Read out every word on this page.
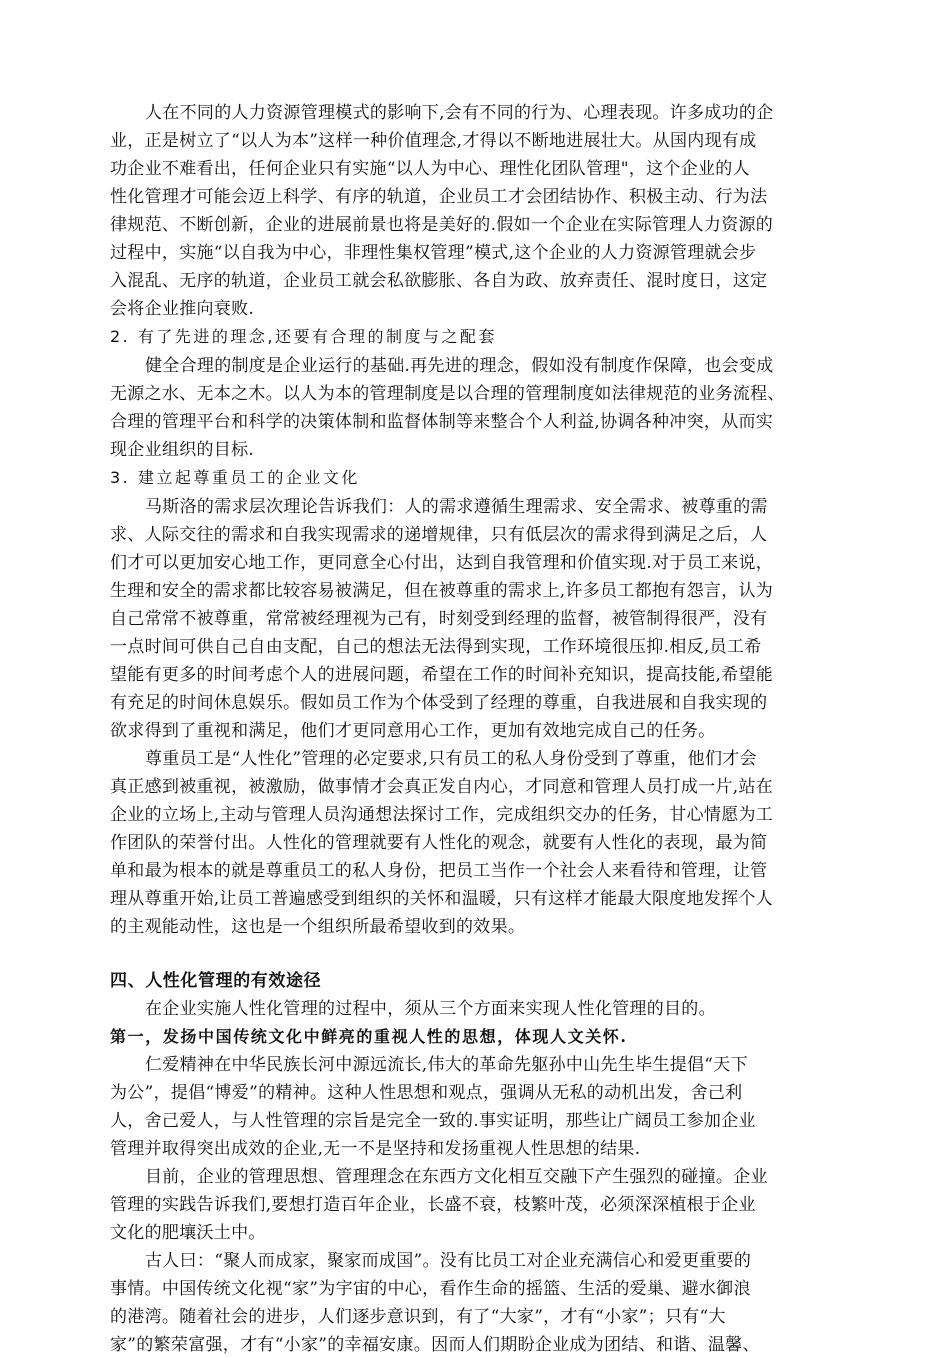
人在不同的人力资源管理模式的影响下,会有不同的行为、心理表现。许多成功的企
业，正是树立了“以人为本”这样一种价值理念,才得以不断地进展壮大。从国内现有成
功企业不难看出，任何企业只有实施“以人为中心、理性化团队管理"，这个企业的人
性化管理才可能会迈上科学、有序的轨道，企业员工才会团结协作、积极主动、行为法
律规范、不断创新，企业的进展前景也将是美好的.假如一个企业在实际管理人力资源的
过程中，实施“以自我为中心，非理性集权管理”模式,这个企业的人力资源管理就会步
入混乱、无序的轨道，企业员工就会私欲膨胀、各自为政、放弃责任、混时度日，这定
会将企业推向衰败.
2. 有了先进的理念,还要有合理的制度与之配套
健全合理的制度是企业运行的基础.再先进的理念，假如没有制度作保障，也会变成
无源之水、无本之木。以人为本的管理制度是以合理的管理制度如法律规范的业务流程、
合理的管理平台和科学的决策体制和监督体制等来整合个人利益,协调各种冲突，从而实
现企业组织的目标.
3. 建立起尊重员工的企业文化
马斯洛的需求层次理论告诉我们：人的需求遵循生理需求、安全需求、被尊重的需
求、人际交往的需求和自我实现需求的递增规律，只有低层次的需求得到满足之后，人
们才可以更加安心地工作，更同意全心付出，达到自我管理和价值实现.对于员工来说，
生理和安全的需求都比较容易被满足，但在被尊重的需求上,许多员工都抱有怨言，认为
自己常常不被尊重，常常被经理视为己有，时刻受到经理的监督，被管制得很严，没有
一点时间可供自己自由支配，自己的想法无法得到实现，工作环境很压抑.相反,员工希
望能有更多的时间考虑个人的进展问题，希望在工作的时间补充知识，提高技能,希望能
有充足的时间休息娱乐。假如员工作为个体受到了经理的尊重，自我进展和自我实现的
欲求得到了重视和满足，他们才更同意用心工作，更加有效地完成自己的任务。
尊重员工是“人性化”管理的必定要求,只有员工的私人身份受到了尊重，他们才会
真正感到被重视，被激励，做事情才会真正发自内心，才同意和管理人员打成一片,站在
企业的立场上,主动与管理人员沟通想法探讨工作，完成组织交办的任务，甘心情愿为工
作团队的荣誉付出。人性化的管理就要有人性化的观念，就要有人性化的表现，最为简
单和最为根本的就是尊重员工的私人身份，把员工当作一个社会人来看待和管理，让管
理从尊重开始,让员工普遍感受到组织的关怀和温暖，只有这样才能最大限度地发挥个人
的主观能动性，这也是一个组织所最希望收到的效果。
四、人性化管理的有效途径
在企业实施人性化管理的过程中，须从三个方面来实现人性化管理的目的。
第一，发扬中国传统文化中鲜亮的重视人性的思想，体现人文关怀.
仁爱精神在中华民族长河中源远流长,伟大的革命先躯孙中山先生毕生提倡“天下
为公”，提倡“博爱”的精神。这种人性思想和观点，强调从无私的动机出发，舍己利
人，舍己爱人，与人性管理的宗旨是完全一致的.事实证明，那些让广阔员工参加企业
管理并取得突出成效的企业,无一不是坚持和发扬重视人性思想的结果.
目前，企业的管理思想、管理理念在东西方文化相互交融下产生强烈的碰撞。企业
管理的实践告诉我们,要想打造百年企业，长盛不衰，枝繁叶茂，必须深深植根于企业
文化的肥壤沃土中。
古人曰：“聚人而成家，聚家而成国”。没有比员工对企业充满信心和爱更重要的
事情。中国传统文化视“家”为宇宙的中心，看作生命的摇篮、生活的爱巢、避水御浪
的港湾。随着社会的进步，人们逐步意识到，有了“大家”，才有“小家”；只有“大
家”的繁荣富强，才有“小家”的幸福安康。因而人们期盼企业成为团结、和谐、温馨、
